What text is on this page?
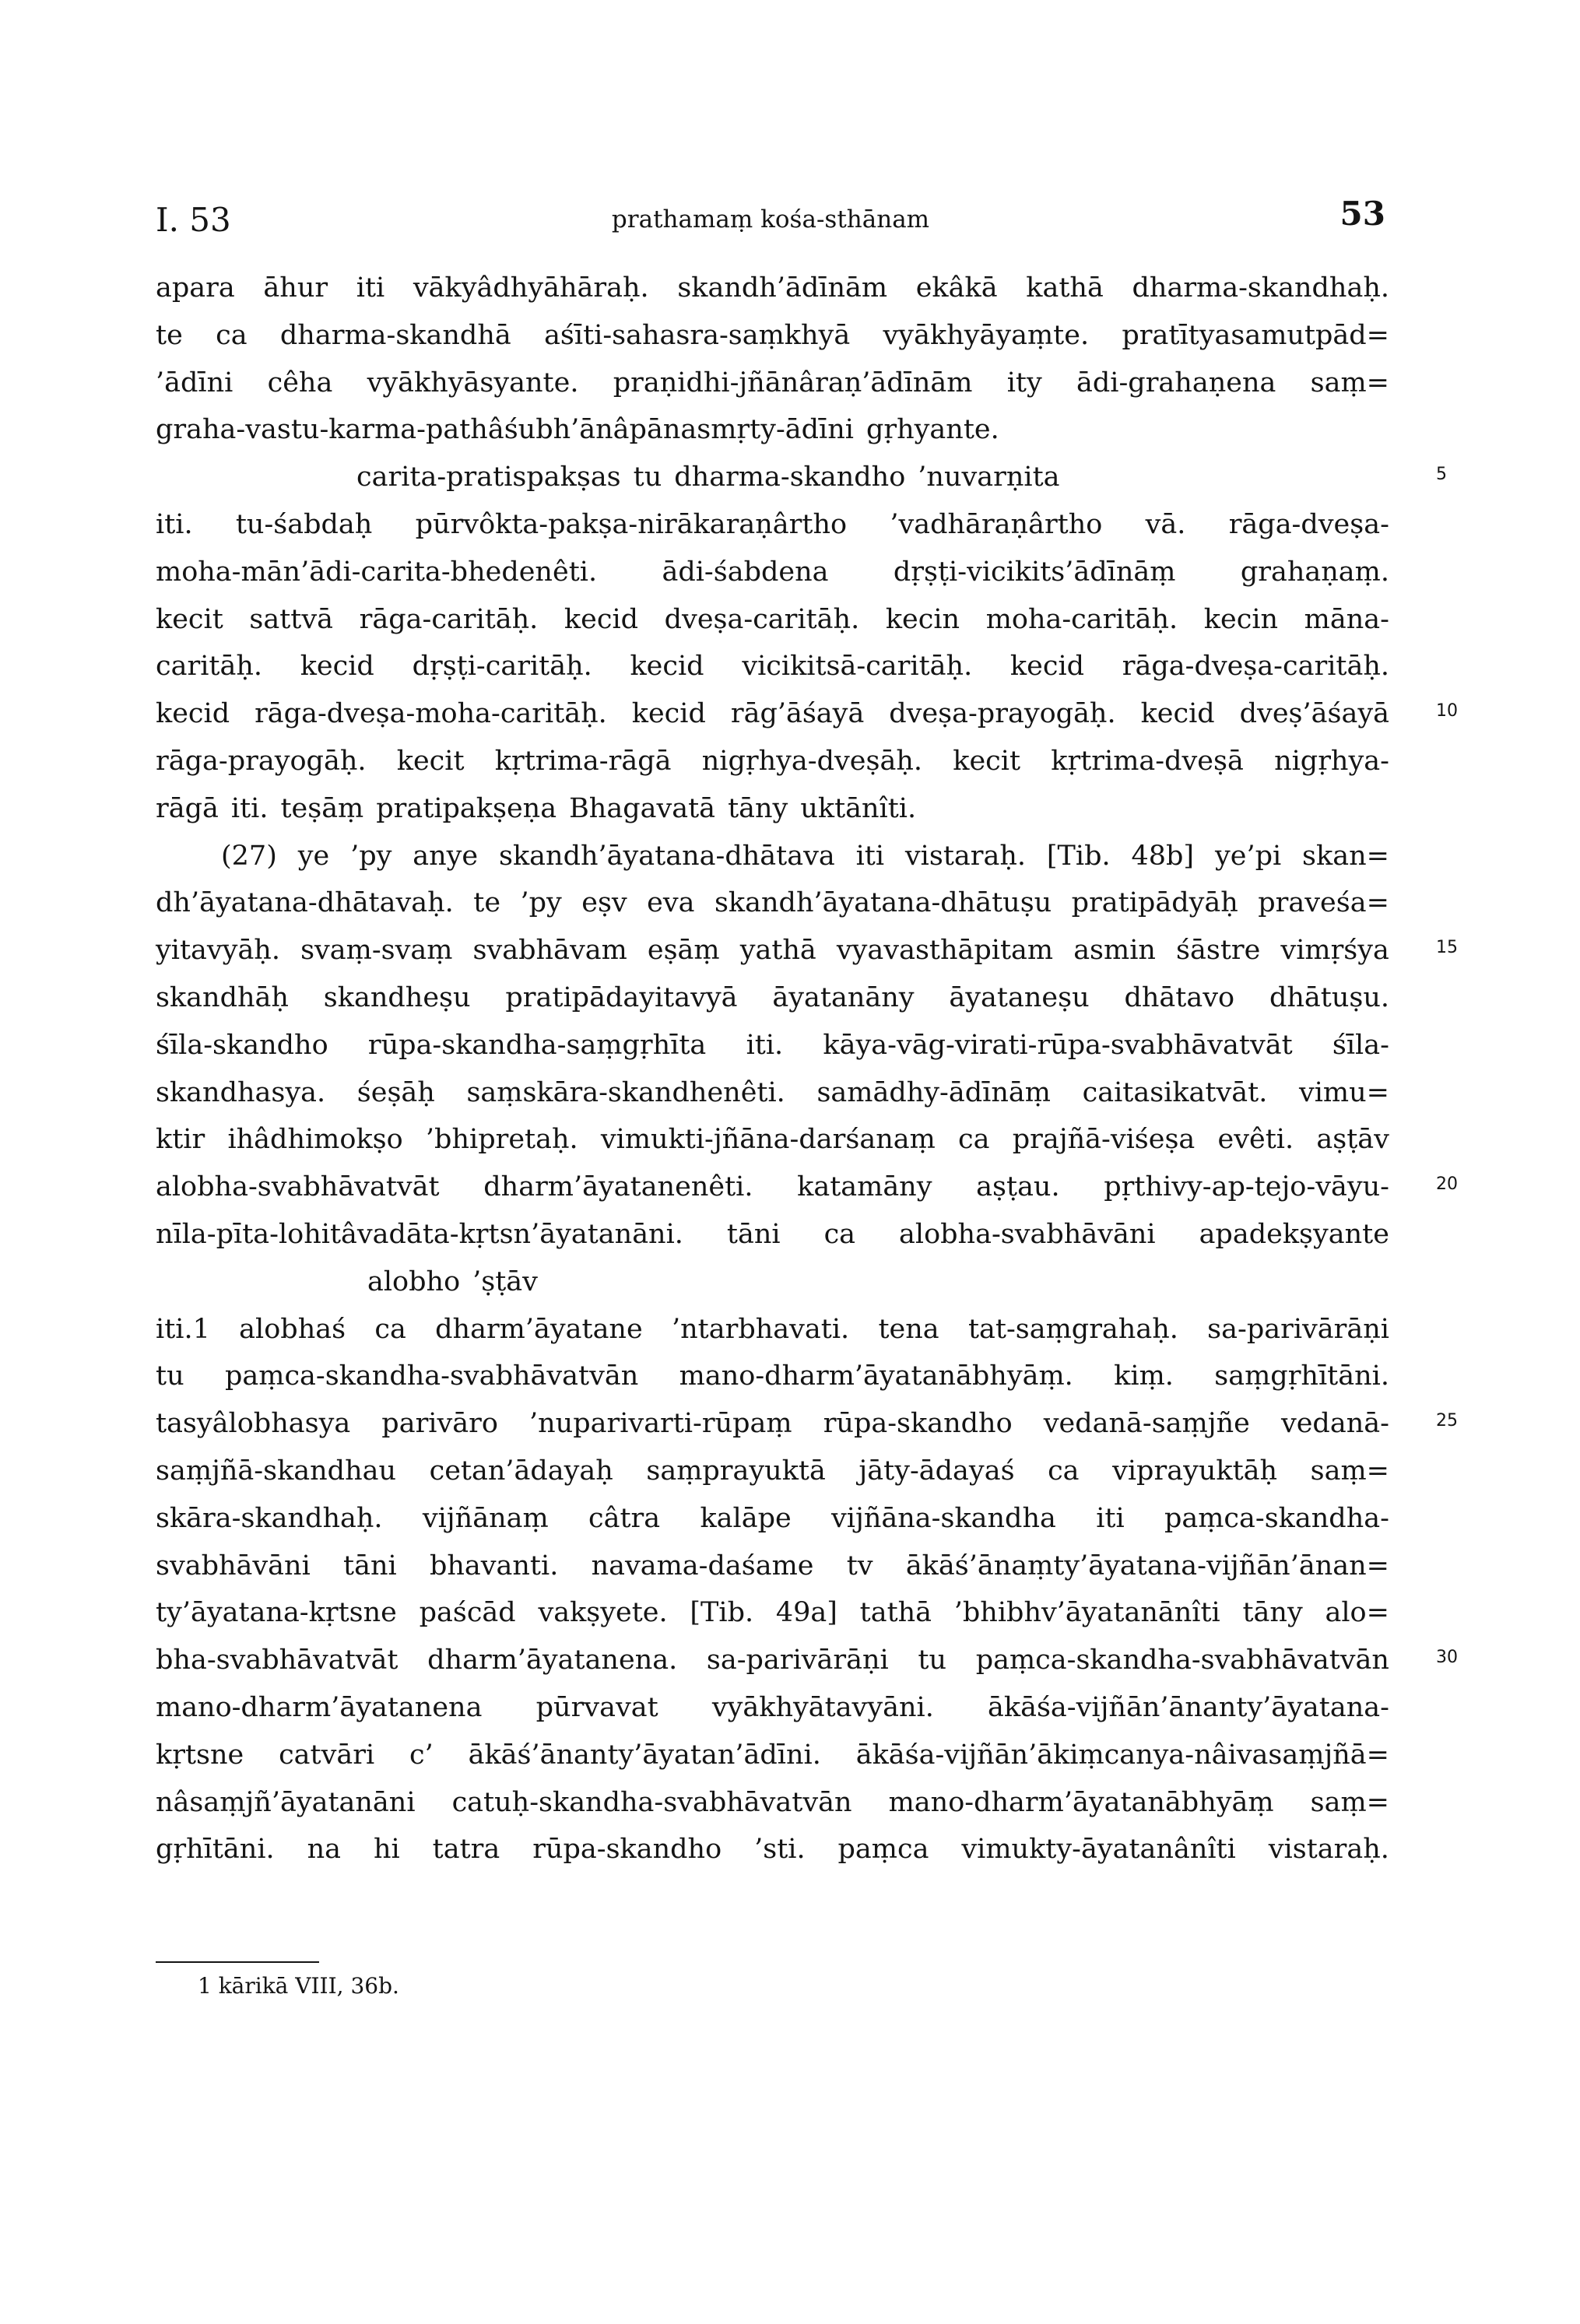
I. 53	prathamaṃ kośa-sthānam	53
apara āhur iti vākyâdhyāhāraḥ. skandh’ādīnām ekâkā kathā dharma-skandhaḥ.
te ca dharma-skandhā aśīti-sahasra-saṃkhyā vyākhyāyaṃte. pratītyasamutpād=
’ādīni cêha vyākhyāsyante. praṇidhi-jñānâraṇ’ādīnām ity ādi-grahaṇena saṃ=
graha-vastu-karma-pathâśubh’ānâpānasmṛty-ādīni gṛhyante.
carita-pratispakṣas tu dharma-skandho ’nuvarṇita	5
iti. tu-śabdaḥ pūrvôkta-pakṣa-nirākaraṇârtho ’vadhāraṇârtho vā. rāga-dveṣa-
moha-mān’ādi-carita-bhedenêti. ādi-śabdena dṛṣṭi-vicikits’ādīnāṃ grahaṇaṃ.
kecit sattvā rāga-caritāḥ. kecid dveṣa-caritāḥ. kecin moha-caritāḥ. kecin māna-
caritāḥ. kecid dṛṣṭi-caritāḥ. kecid vicikitsā-caritāḥ. kecid rāga-dveṣa-caritāḥ.
kecid rāga-dveṣa-moha-caritāḥ. kecid rāg’āśayā dveṣa-prayogāḥ. kecid dveṣ’āśayā	10
rāga-prayogāḥ. kecit kṛtrima-rāgā nigṛhya-dveṣāḥ. kecit kṛtrima-dveṣā nigṛhya-
rāgā iti. teṣāṃ pratipakṣeṇa Bhagavatā tāny uktānîti.
(27) ye ’py anye skandh’āyatana-dhātava iti vistaraḥ. [Tib. 48b] ye’pi skan=
dh’āyatana-dhātavaḥ. te ’py eṣv eva skandh’āyatana-dhātuṣu pratipādyāḥ praveśa=
yitavyāḥ. svaṃ-svaṃ svabhāvam eṣāṃ yathā vyavasthāpitam asmin śāstre vimṛśya	15
skandhāḥ skandheṣu pratipādayitavyā āyatanāny āyataneṣu dhātavo dhātuṣu.
śīla-skandho rūpa-skandha-saṃgṛhīta iti. kāya-vāg-virati-rūpa-svabhāvatvāt śīla-
skandhasya. śeṣāḥ saṃskāra-skandhenêti. samādhy-ādīnāṃ caitasikatvāt. vimu=
ktir ihâdhimokṣo ’bhipretaḥ. vimukti-jñāna-darśanaṃ ca prajñā-viśeṣa evêti. aṣṭāv
alobha-svabhāvatvāt dharm’āyatanenêti. katamāny aṣṭau. pṛthivy-ap-tejo-vāyu-	20
nīla-pīta-lohitâvadāta-kṛtsn’āyatanāni. tāni ca alobha-svabhāvāni apadekṣyante
alobho ’ṣṭāv
iti.1 alobhaś ca dharm’āyatane ’ntarbhavati. tena tat-saṃgrahaḥ. sa-parivārāṇi
tu paṃca-skandha-svabhāvatvān mano-dharm’āyatanābhyāṃ. kiṃ. saṃgṛhītāni.
tasyâlobhasya parivāro ’nuparivarti-rūpaṃ rūpa-skandho vedanā-saṃjñe vedanā-	25
saṃjñā-skandhau cetan’ādayaḥ saṃprayuktā jāty-ādayaś ca viprayuktāḥ saṃ=
skāra-skandhaḥ. vijñānaṃ câtra kalāpe vijñāna-skandha iti paṃca-skandha-
svabhāvāni tāni bhavanti. navama-daśame tv ākāś’ānaṃty’āyatana-vijñān’ānan=
ty’āyatana-kṛtsne paścād vakṣyete. [Tib. 49a] tathā ’bhibhv’āyatanānîti tāny alo=
bha-svabhāvatvāt dharm’āyatanena. sa-parivārāṇi tu paṃca-skandha-svabhāvatvān	30
mano-dharm’āyatanena pūrvavat vyākhyātavyāni. ākāśa-vijñān’ānanty’āyatana-
kṛtsne catvāri c’ ākāś’ānanty’āyatan’ādīni. ākāśa-vijñān’ākiṃcanya-nâivasaṃjñā=
nâsaṃjñ’āyatanāni catuḥ-skandha-svabhāvatvān mano-dharm’āyatanābhyāṃ saṃ=
gṛhītāni. na hi tatra rūpa-skandho ’sti. paṃca vimukty-āyatanânîti vistaraḥ.
1 kārikā VIII, 36b.
